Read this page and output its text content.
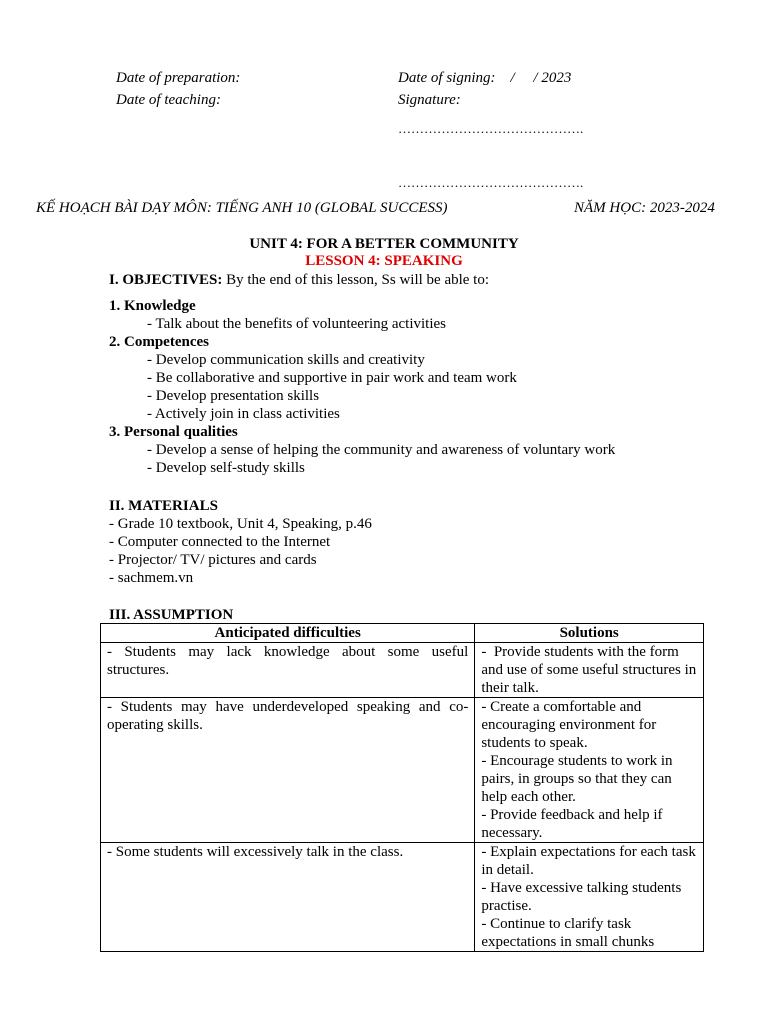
Date of preparation:	Date of signing:    /     / 2023
Date of teaching:	Signature:
…………………………………….
…………………………………….
KẾ HOẠCH BÀI DẠY MÔN: TIẾNG ANH 10 (GLOBAL SUCCESS)	NĂM HỌC: 2023-2024
UNIT 4: FOR A BETTER COMMUNITY
LESSON 4: SPEAKING
I. OBJECTIVES: By the end of this lesson, Ss will be able to:
1. Knowledge
- Talk about the benefits of volunteering activities
2. Competences
- Develop communication skills and creativity
- Be collaborative and supportive in pair work and team work
- Develop presentation skills
- Actively join in class activities
3. Personal qualities
- Develop a sense of helping the community and awareness of voluntary work
- Develop self-study skills
II. MATERIALS
- Grade 10 textbook, Unit 4, Speaking, p.46
- Computer connected to the Internet
- Projector/ TV/ pictures and cards
- sachmem.vn
III. ASSUMPTION
Anticipated difficulties	Solutions
- Students may lack knowledge about some useful structures.	-  Provide students with the form and use of some useful structures in their talk.

- Students may have underdeveloped speaking and co-operating skills.	- Create a comfortable and encouraging environment for students to speak.
- Encourage students to work in pairs, in groups so that they can help each other.
- Provide feedback and help if necessary.

- Some students will excessively talk in the class.	- Explain expectations for each task in detail.
- Have excessive talking students practise.
- Continue to clarify task expectations in small chunks
